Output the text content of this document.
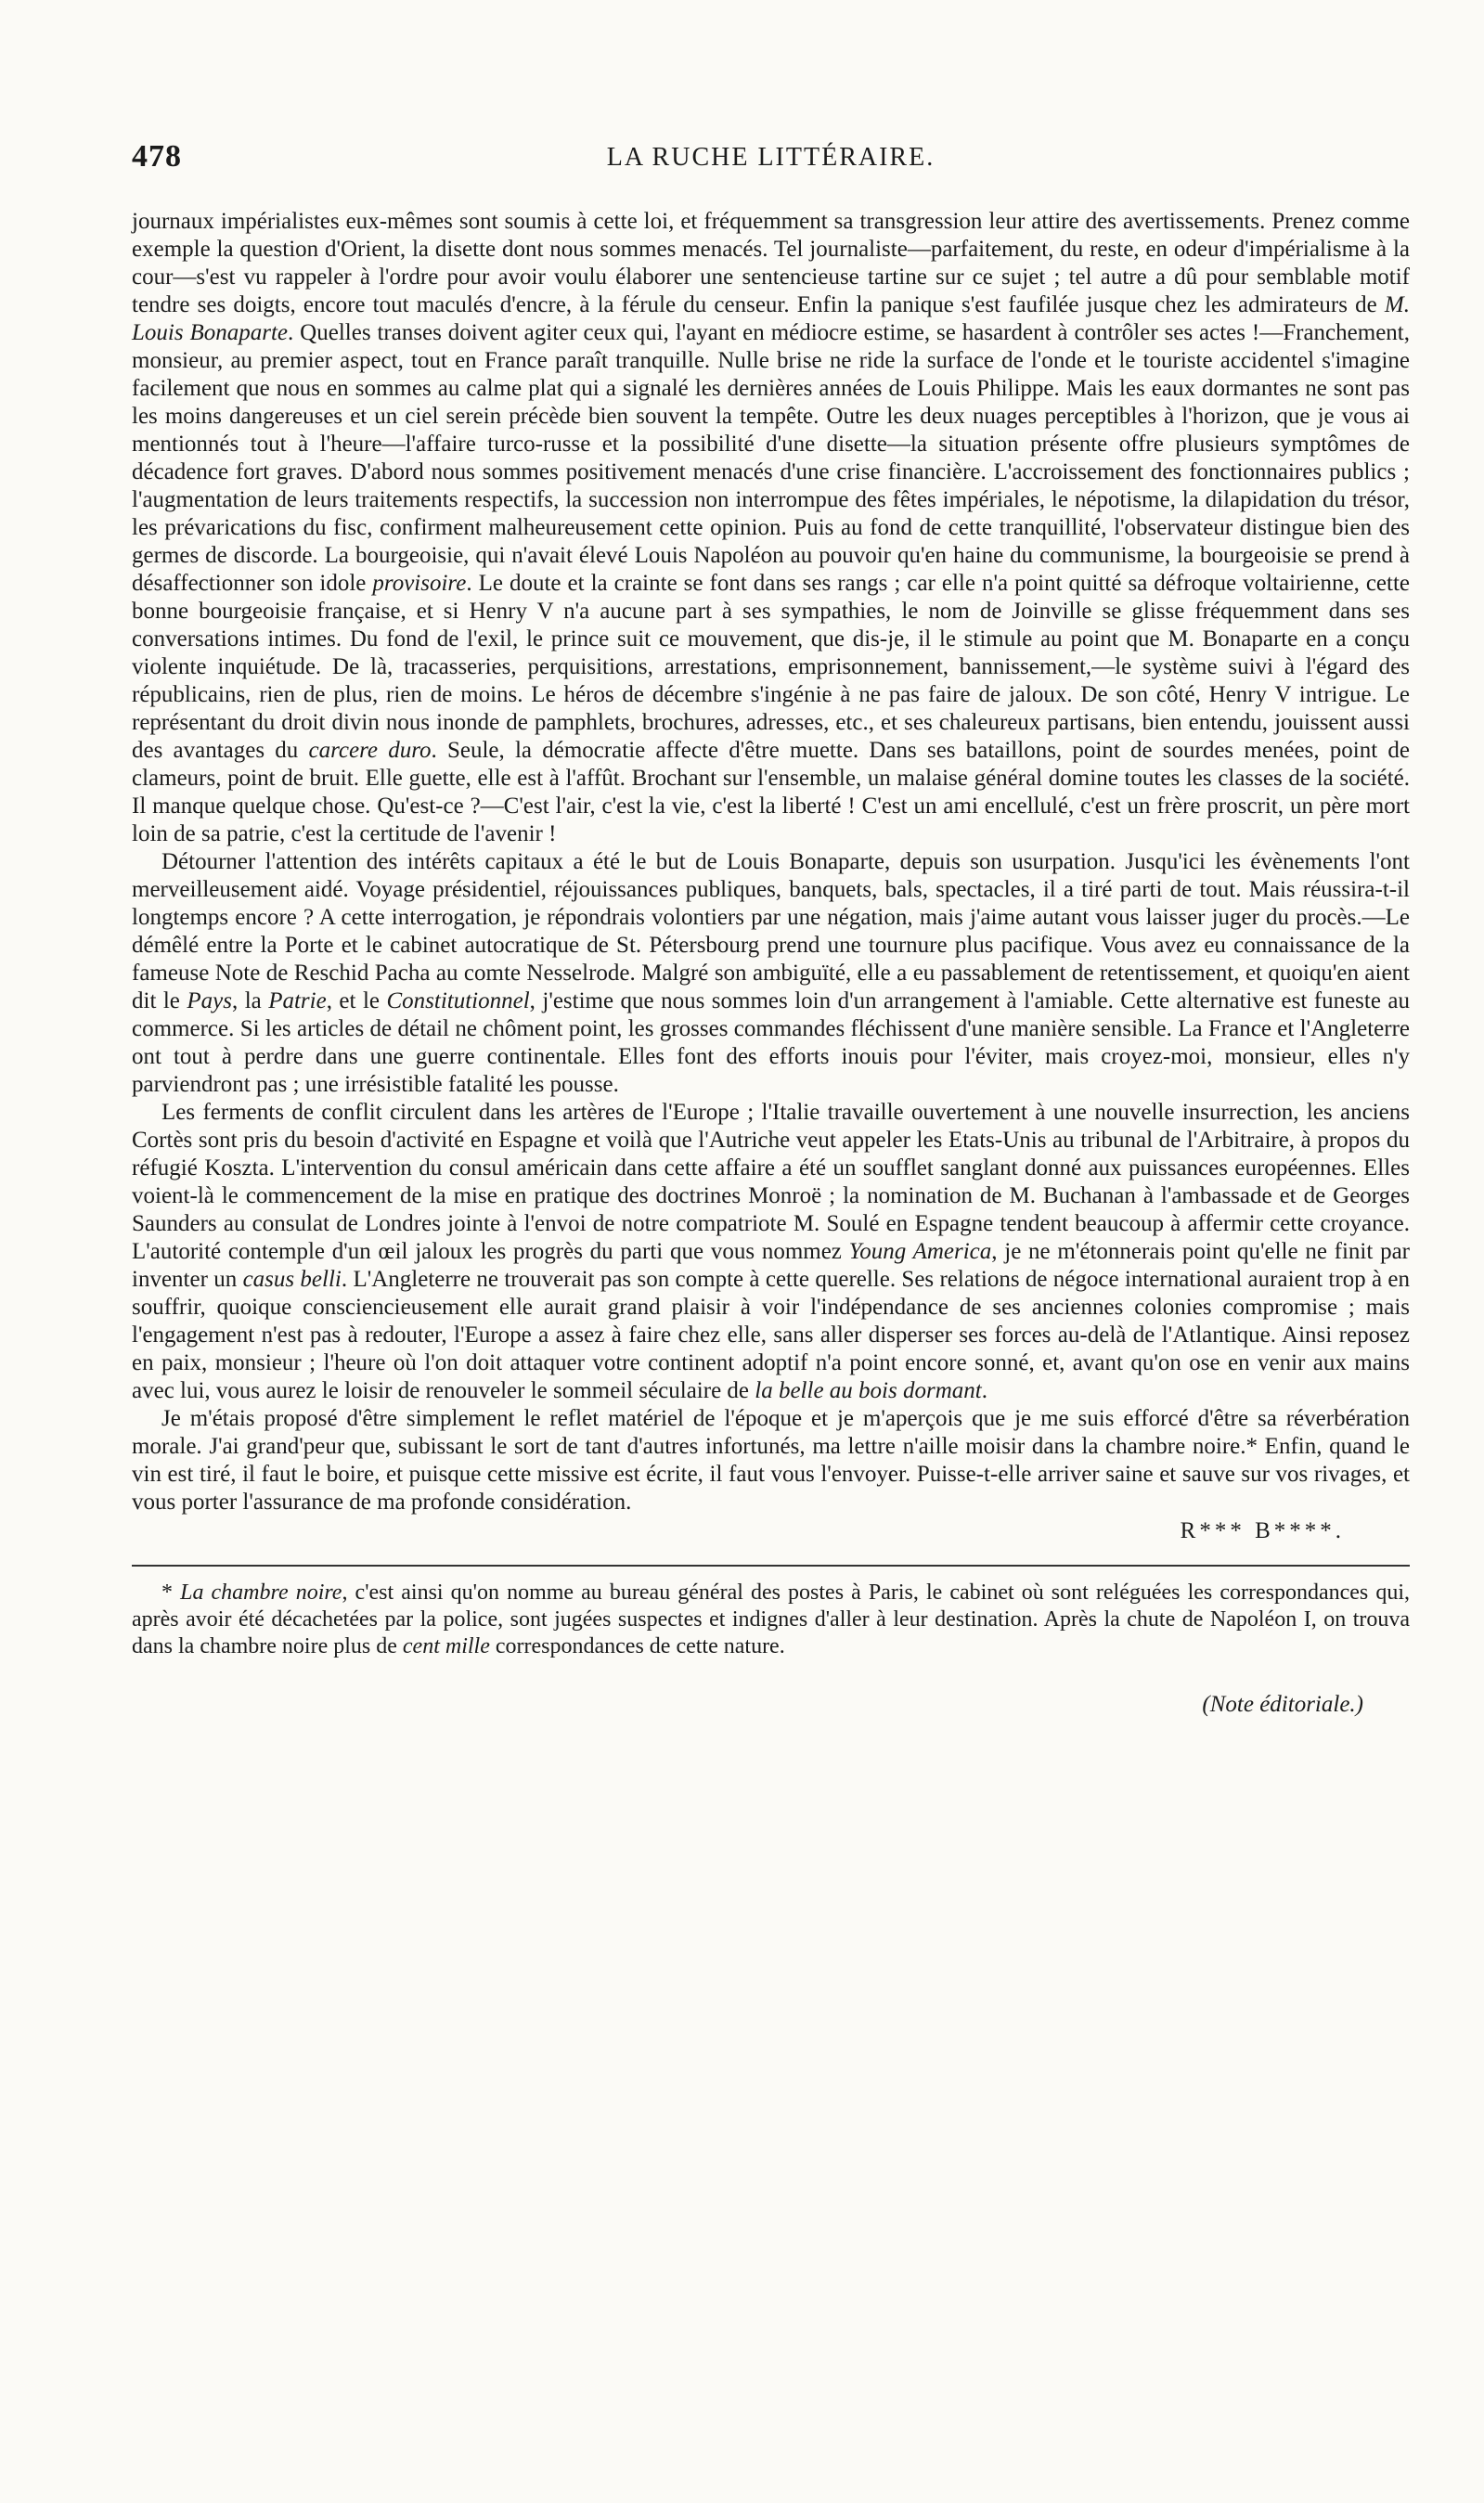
478	LA RUCHE LITTÉRAIRE.

journaux impérialistes eux-mêmes sont soumis à cette loi, et fréquemment sa transgression leur attire des avertissements. Prenez comme exemple la question d'Orient, la disette dont nous sommes menacés. Tel journaliste—parfaitement, du reste, en odeur d'impérialisme à la cour—s'est vu rappeler à l'ordre pour avoir voulu élaborer une sentencieuse tartine sur ce sujet ; tel autre a dû pour semblable motif tendre ses doigts, encore tout maculés d'encre, à la férule du censeur. Enfin la panique s'est faufilée jusque chez les admirateurs de M. Louis Bonaparte. Quelles transes doivent agiter ceux qui, l'ayant en médiocre estime, se hasardent à contrôler ses actes !—Franchement, monsieur, au premier aspect, tout en France paraît tranquille. Nulle brise ne ride la surface de l'onde et le touriste accidentel s'imagine facilement que nous en sommes au calme plat qui a signalé les dernières années de Louis Philippe. Mais les eaux dormantes ne sont pas les moins dangereuses et un ciel serein précède bien souvent la tempête. Outre les deux nuages perceptibles à l'horizon, que je vous ai mentionnés tout à l'heure—l'affaire turco-russe et la possibilité d'une disette—la situation présente offre plusieurs symptômes de décadence fort graves. D'abord nous sommes positivement menacés d'une crise financière. L'accroissement des fonctionnaires publics ; l'augmentation de leurs traitements respectifs, la succession non interrompue des fêtes impériales, le népotisme, la dilapidation du trésor, les prévarications du fisc, confirment malheureusement cette opinion. Puis au fond de cette tranquillité, l'observateur distingue bien des germes de discorde. La bourgeoisie, qui n'avait élevé Louis Napoléon au pouvoir qu'en haine du communisme, la bourgeoisie se prend à désaffectionner son idole provisoire. Le doute et la crainte se font dans ses rangs ; car elle n'a point quitté sa défroque voltairienne, cette bonne bourgeoisie française, et si Henry V n'a aucune part à ses sympathies, le nom de Joinville se glisse fréquemment dans ses conversations intimes. Du fond de l'exil, le prince suit ce mouvement, que dis-je, il le stimule au point que M. Bonaparte en a conçu violente inquiétude. De là, tracasseries, perquisitions, arrestations, emprisonnement, bannissement,—le système suivi à l'égard des républicains, rien de plus, rien de moins. Le héros de décembre s'ingénie à ne pas faire de jaloux. De son côté, Henry V intrigue. Le représentant du droit divin nous inonde de pamphlets, brochures, adresses, etc., et ses chaleureux partisans, bien entendu, jouissent aussi des avantages du carcere duro. Seule, la démocratie affecte d'être muette. Dans ses bataillons, point de sourdes menées, point de clameurs, point de bruit. Elle guette, elle est à l'affût. Brochant sur l'ensemble, un malaise général domine toutes les classes de la société. Il manque quelque chose. Qu'est-ce ?—C'est l'air, c'est la vie, c'est la liberté ! C'est un ami encellulé, c'est un frère proscrit, un père mort loin de sa patrie, c'est la certitude de l'avenir !

Détourner l'attention des intérêts capitaux a été le but de Louis Bonaparte, depuis son usurpation. Jusqu'ici les évènements l'ont merveilleusement aidé. Voyage présidentiel, réjouissances publiques, banquets, bals, spectacles, il a tiré parti de tout. Mais réussira-t-il longtemps encore ? A cette interrogation, je répondrais volontiers par une négation, mais j'aime autant vous laisser juger du procès.—Le démêlé entre la Porte et le cabinet autocratique de St. Pétersbourg prend une tournure plus pacifique. Vous avez eu connaissance de la fameuse Note de Reschid Pacha au comte Nesselrode. Malgré son ambiguïté, elle a eu passablement de retentissement, et quoiqu'en aient dit le Pays, la Patrie, et le Constitutionnel, j'estime que nous sommes loin d'un arrangement à l'amiable. Cette alternative est funeste au commerce. Si les articles de détail ne chôment point, les grosses commandes fléchissent d'une manière sensible. La France et l'Angleterre ont tout à perdre dans une guerre continentale. Elles font des efforts inouis pour l'éviter, mais croyez-moi, monsieur, elles n'y parviendront pas ; une irrésistible fatalité les pousse.

Les ferments de conflit circulent dans les artères de l'Europe ; l'Italie travaille ouvertement à une nouvelle insurrection, les anciens Cortès sont pris du besoin d'activité en Espagne et voilà que l'Autriche veut appeler les Etats-Unis au tribunal de l'Arbitraire, à propos du réfugié Koszta. L'intervention du consul américain dans cette affaire a été un soufflet sanglant donné aux puissances européennes. Elles voient-là le commencement de la mise en pratique des doctrines Monroë ; la nomination de M. Buchanan à l'ambassade et de Georges Saunders au consulat de Londres jointe à l'envoi de notre compatriote M. Soulé en Espagne tendent beaucoup à affermir cette croyance. L'autorité contemple d'un œil jaloux les progrès du parti que vous nommez Young America, je ne m'étonnerais point qu'elle ne finit par inventer un casus belli. L'Angleterre ne trouverait pas son compte à cette querelle. Ses relations de négoce international auraient trop à en souffrir, quoique consciencieusement elle aurait grand plaisir à voir l'indépendance de ses anciennes colonies compromise ; mais l'engagement n'est pas à redouter, l'Europe a assez à faire chez elle, sans aller disperser ses forces au-delà de l'Atlantique. Ainsi reposez en paix, monsieur ; l'heure où l'on doit attaquer votre continent adoptif n'a point encore sonné, et, avant qu'on ose en venir aux mains avec lui, vous aurez le loisir de renouveler le sommeil séculaire de la belle au bois dormant.

Je m'étais proposé d'être simplement le reflet matériel de l'époque et je m'aperçois que je me suis efforcé d'être sa réverbération morale. J'ai grand'peur que, subissant le sort de tant d'autres infortunés, ma lettre n'aille moisir dans la chambre noire.* Enfin, quand le vin est tiré, il faut le boire, et puisque cette missive est écrite, il faut vous l'envoyer. Puisse-t-elle arriver saine et sauve sur vos rivages, et vous porter l'assurance de ma profonde considération.

R*** B****.

* La chambre noire, c'est ainsi qu'on nomme au bureau général des postes à Paris, le cabinet où sont reléguées les correspondances qui, après avoir été décachetées par la police, sont jugées suspectes et indignes d'aller à leur destination. Après la chute de Napoléon I, on trouva dans la chambre noire plus de cent mille correspondances de cette nature.

(Note éditoriale.)
